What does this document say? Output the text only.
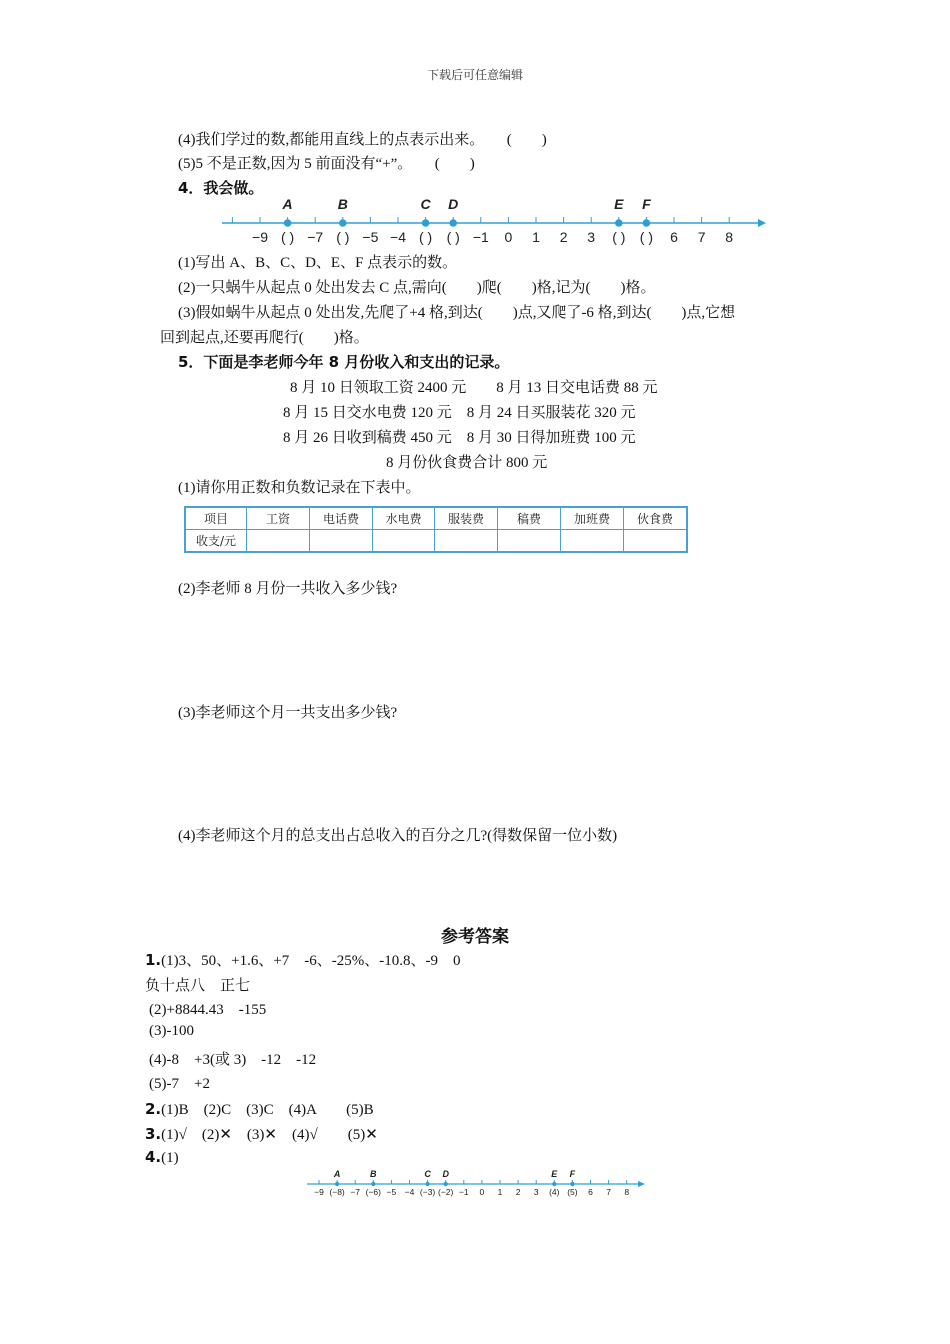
下载后可任意编辑
(4)我们学过的数,都能用直线上的点表示出来。　　(　　)
(5)5 不是正数,因为 5 前面没有“+”。　　(　　)
4．我会做。
A	B	C D	E F
−9 ( ) −7 ( ) −5 −4 ( ) ( ) −1 0 1 2 3 ( ) ( ) 6 7 8
(1)写出 A、B、C、D、E、F 点表示的数。
(2)一只蜗牛从起点 0 处出发去 C 点,需向(　　)爬(　　)格,记为(　　)格。
(3)假如蜗牛从起点 0 处出发,先爬了+4 格,到达(　　)点,又爬了-6 格,到达(　　)点,它想
回到起点,还要再爬行(　　)格。
5．下面是李老师今年 8 月份收入和支出的记录。
8 月 10 日领取工资 2400 元　　8 月 13 日交电话费 88 元
8 月 15 日交水电费 120 元　8 月 24 日买服装花 320 元
8 月 26 日收到稿费 450 元　8 月 30 日得加班费 100 元
8 月份伙食费合计 800 元
(1)请你用正数和负数记录在下表中。
项目	工资	电话费	水电费	服装费	稿费	加班费	伙食费
收支/元							
(2)李老师 8 月份一共收入多少钱?
(3)李老师这个月一共支出多少钱?
(4)李老师这个月的总支出占总收入的百分之几?(得数保留一位小数)
参考答案
1.(1)3、50、+1.6、+7　-6、-25%、-10.8、-9　0
负十点八　正七
(2)+8844.43　-155
(3)-100
(4)-8　+3(或 3)　-12　-12
(5)-7　+2
2.(1)B　(2)C　(3)C　(4)A　　(5)B
3.(1)√　(2)✕　(3)✕　(4)√　　(5)✕
4.(1)
A	B	C D	E F
−9 (−8) −7 (−6) −5 −4 (−3) (−2) −1 0 1 2 3 (4) (5) 6 7 8
